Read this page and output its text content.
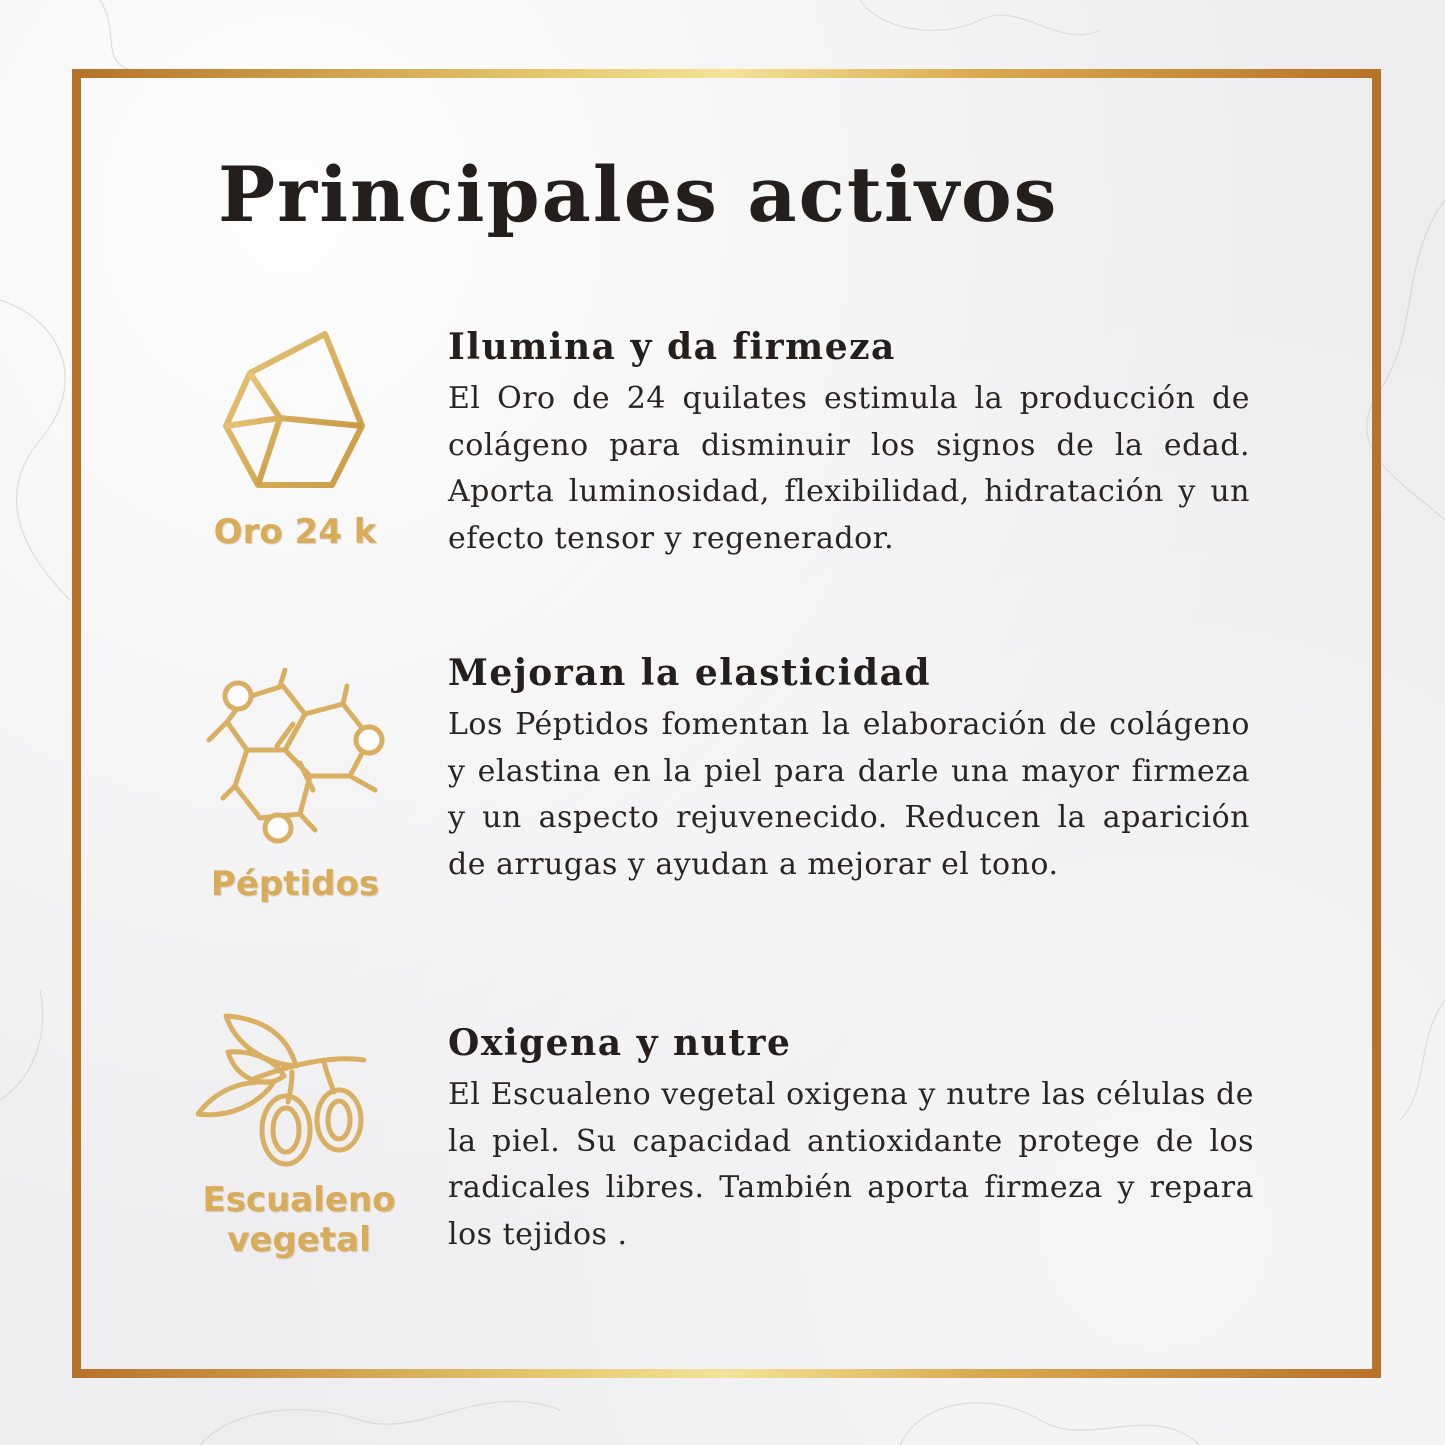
Principales activos
Oro 24 k
Ilumina y da firmeza

El Oro de 24 quilates estimula la producción de colágeno para disminuir los signos de la edad. Aporta luminosidad, flexibilidad, hidratación y un efecto tensor y regenerador.

Péptidos
Mejoran la elasticidad

Los Péptidos fomentan la elaboración de colágeno y elastina en la piel para darle una mayor firmeza y un aspecto rejuvenecido. Reducen la aparición de arrugas y ayudan a mejorar el tono.

Escualeno
vegetal
Oxigena y nutre

El Escualeno vegetal oxigena y nutre las células de la piel. Su capacidad antioxidante protege de los radicales libres. También aporta firmeza y repara los tejidos .
